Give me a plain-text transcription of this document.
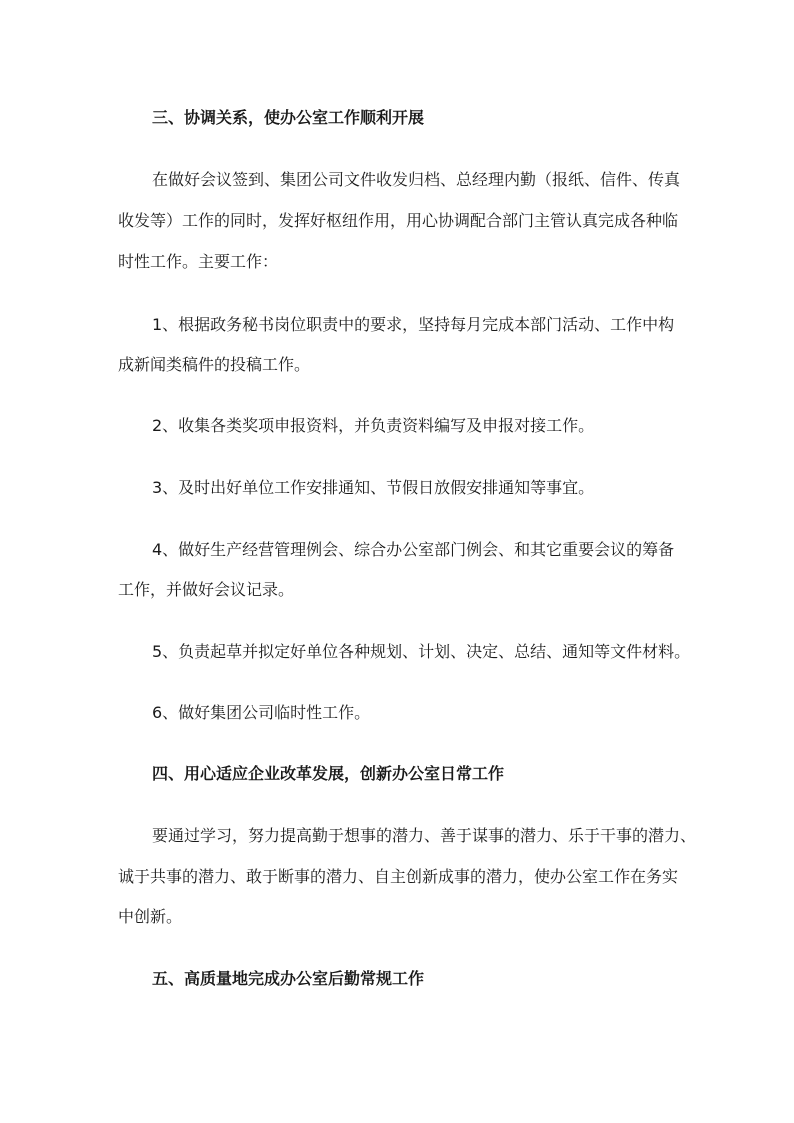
三、协调关系，使办公室工作顺利开展
在做好会议签到、集团公司文件收发归档、总经理内勤（报纸、信件、传真
收发等）工作的同时，发挥好枢纽作用，用心协调配合部门主管认真完成各种临
时性工作。主要工作：
1、根据政务秘书岗位职责中的要求，坚持每月完成本部门活动、工作中构
成新闻类稿件的投稿工作。
2、收集各类奖项申报资料，并负责资料编写及申报对接工作。
3、及时出好单位工作安排通知、节假日放假安排通知等事宜。
4、做好生产经营管理例会、综合办公室部门例会、和其它重要会议的筹备
工作，并做好会议记录。
5、负责起草并拟定好单位各种规划、计划、决定、总结、通知等文件材料。
6、做好集团公司临时性工作。
四、用心适应企业改革发展，创新办公室日常工作
要通过学习，努力提高勤于想事的潜力、善于谋事的潜力、乐于干事的潜力、
诚于共事的潜力、敢于断事的潜力、自主创新成事的潜力，使办公室工作在务实
中创新。
五、高质量地完成办公室后勤常规工作
